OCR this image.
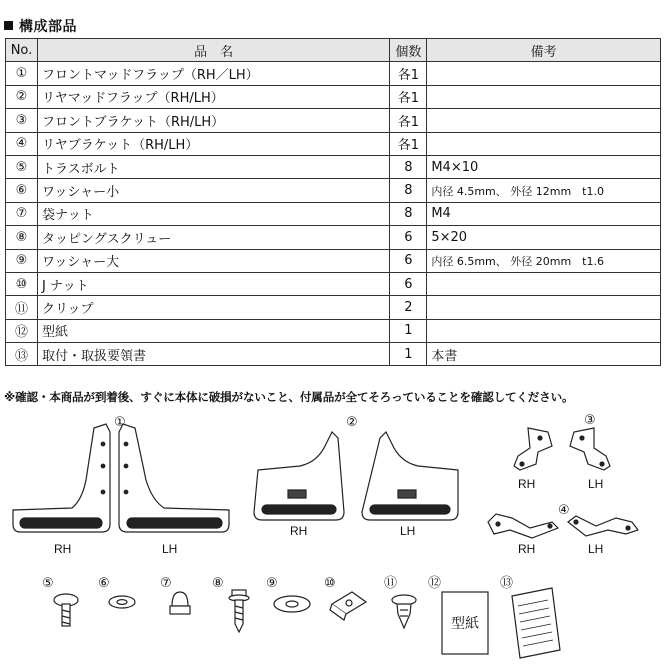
構成部品
No.	品　名	個数	備考
①	フロントマッドフラップ（RH／LH）	各1	
②	リヤマッドフラップ（RH/LH）	各1	
③	フロントブラケット（RH/LH）	各1	
④	リヤブラケット（RH/LH）	各1	
⑤	トラスボルト	8	M4×10
⑥	ワッシャー小	8	内径 4.5mm、 外径 12mm　t1.0
⑦	袋ナット	8	M4
⑧	タッピングスクリュー	6	5×20
⑨	ワッシャー大	6	内径 6.5mm、 外径 20mm　t1.6
⑩	J ナット	6	
⑪	クリップ	2	
⑫	型紙	1	
⑬	取付・取扱要領書	1	本書
※確認・本商品が到着後、すぐに本体に破損がないこと、付属品が全てそろっていることを確認してください。
①
RH	LH
②
RH	LH
③
RH	LH
④
RH	LH
⑤	⑥	⑦	⑧	⑨	⑩	⑪ ⑫
型紙
⑬
